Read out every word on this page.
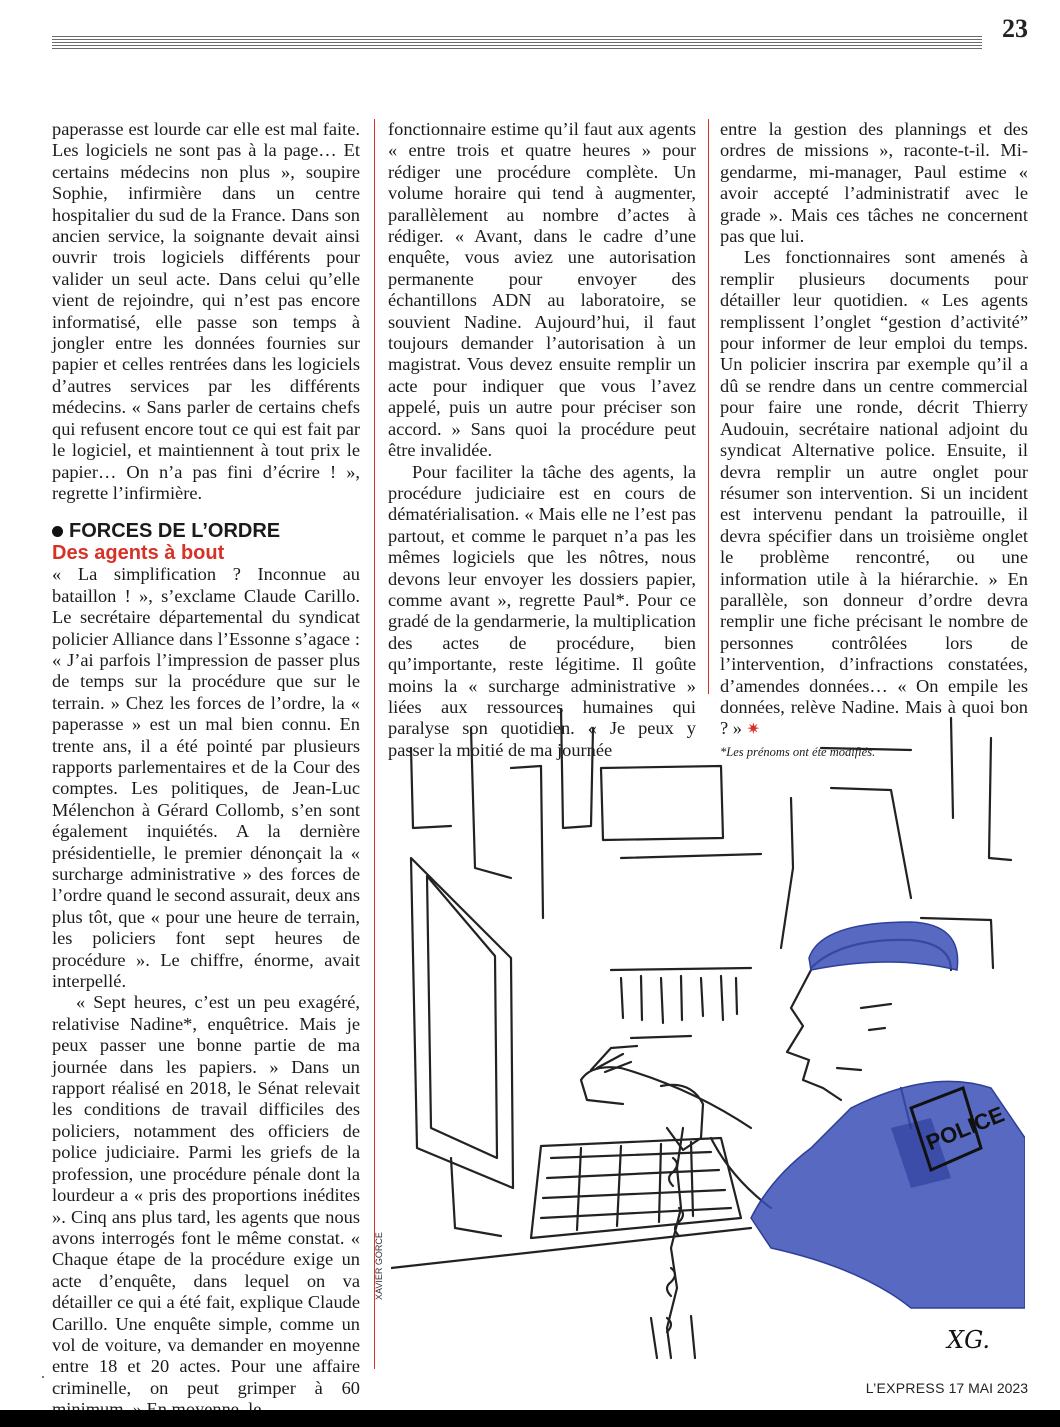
23

paperasse est lourde car elle est mal faite. Les logiciels ne sont pas à la page… Et certains médecins non plus », soupire Sophie, infirmière dans un centre hospitalier du sud de la France. Dans son ancien service, la soignante devait ainsi ouvrir trois logiciels différents pour valider un seul acte. Dans celui qu’elle vient de rejoindre, qui n’est pas encore informatisé, elle passe son temps à jongler entre les données fournies sur papier et celles rentrées dans les logiciels d’autres services par les différents médecins. « Sans parler de certains chefs qui refusent encore tout ce qui est fait par le logiciel, et maintiennent à tout prix le papier… On n’a pas fini d’écrire ! », regrette l’infirmière.

FORCES DE L’ORDRE
Des agents à bout

« La simplification ? Inconnue au bataillon ! », s’exclame Claude Carillo. Le secrétaire départemental du syndicat policier Alliance dans l’Essonne s’agace : « J’ai parfois l’impression de passer plus de temps sur la procédure que sur le terrain. » Chez les forces de l’ordre, la « paperasse » est un mal bien connu. En trente ans, il a été pointé par plusieurs rapports parlementaires et de la Cour des comptes. Les politiques, de Jean-Luc Mélenchon à Gérard Collomb, s’en sont également inquiétés. A la dernière présidentielle, le premier dénonçait la « surcharge administrative » des forces de l’ordre quand le second assurait, deux ans plus tôt, que « pour une heure de terrain, les policiers font sept heures de procédure ». Le chiffre, énorme, avait interpellé.

« Sept heures, c’est un peu exagéré, relativise Nadine*, enquêtrice. Mais je peux passer une bonne partie de ma journée dans les papiers. » Dans un rapport réalisé en 2018, le Sénat relevait les conditions de travail difficiles des policiers, notamment des officiers de police judiciaire. Parmi les griefs de la profession, une procédure pénale dont la lourdeur a « pris des proportions inédites ». Cinq ans plus tard, les agents que nous avons interrogés font le même constat. « Chaque étape de la procédure exige un acte d’enquête, dans lequel on va détailler ce qui a été fait, explique Claude Carillo. Une enquête simple, comme un vol de voiture, va demander en moyenne entre 18 et 20 actes. Pour une affaire criminelle, on peut grimper à 60

fonctionnaire estime qu’il faut aux agents « entre trois et quatre heures » pour rédiger une procédure complète. Un volume horaire qui tend à augmenter, parallèlement au nombre d’actes à rédiger. « Avant, dans le cadre d’une enquête, vous aviez une autorisation permanente pour envoyer des échantillons ADN au laboratoire, se souvient Nadine. Aujourd’hui, il faut toujours demander l’autorisation à un magistrat. Vous devez ensuite remplir un acte pour indiquer que vous l’avez appelé, puis un autre pour préciser son accord. » Sans quoi la procédure peut être invalidée.

Pour faciliter la tâche des agents, la procédure judiciaire est en cours de dématérialisation. « Mais elle ne l’est pas partout, et comme le parquet n’a pas les mêmes logiciels que les nôtres, nous devons leur envoyer les dossiers papier, comme avant », regrette Paul*. Pour ce gradé de la gendarmerie, la multiplication des actes de procédure, bien qu’importante, reste légitime. Il goûte moins la « surcharge administrative » liées aux ressources humaines qui paralyse son quotidien. « Je peux y passer la moitié de ma journée

entre la gestion des plannings et des ordres de missions », raconte-t-il. Mi-gendarme, mi-manager, Paul estime « avoir accepté l’administratif avec le grade ». Mais ces tâches ne concernent pas que lui.

Les fonctionnaires sont amenés à remplir plusieurs documents pour détailler leur quotidien. « Les agents remplissent l’onglet “gestion d’activité” pour informer de leur emploi du temps. Un policier inscrira par exemple qu’il a dû se rendre dans un centre commercial pour faire une ronde, décrit Thierry Audouin, secrétaire national adjoint du syndicat Alternative police. Ensuite, il devra remplir un autre onglet pour résumer son intervention. Si un incident est intervenu pendant la patrouille, il devra spécifier dans un troisième onglet le problème rencontré, ou une information utile à la hiérarchie. » En parallèle, son donneur d’ordre devra remplir une fiche précisant le nombre de personnes contrôlées lors de l’intervention, d’infractions constatées, d’amendes données… « On empile les données, relève Nadine. Mais à quoi bon ? » ✷

*Les prénoms ont été modifiés.
POLICE
XG.
XAVIER GORCE
L’EXPRESS 17 MAI 2023
